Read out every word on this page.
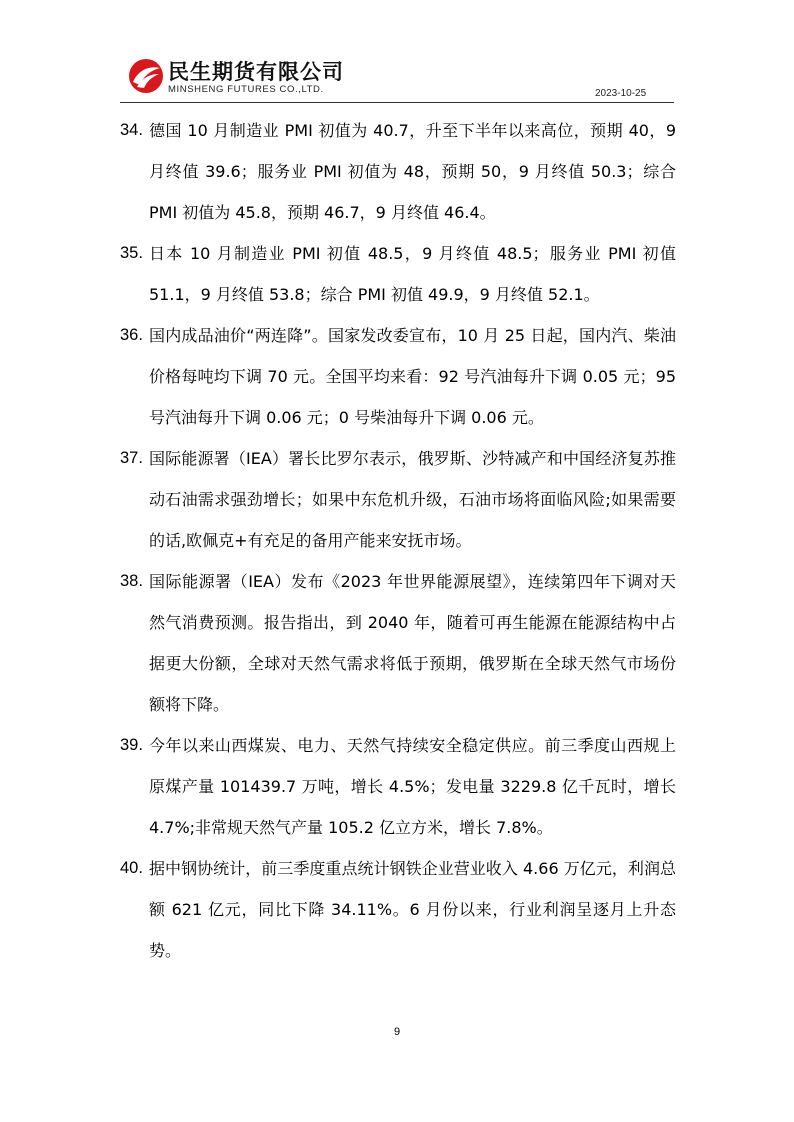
民生期货有限公司
MINSHENG FUTURES CO.,LTD.	2023-10-25
34. 德国 10 月制造业 PMI 初值为 40.7，升至下半年以来高位，预期 40，9 月终值 39.6；服务业 PMI 初值为 48，预期 50，9 月终值 50.3；综合 PMI 初值为 45.8，预期 46.7，9 月终值 46.4。
35. 日本 10 月制造业 PMI 初值 48.5，9 月终值 48.5；服务业 PMI 初值 51.1，9 月终值 53.8；综合 PMI 初值 49.9，9 月终值 52.1。
36. 国内成品油价“两连降”。国家发改委宣布，10 月 25 日起，国内汽、柴油价格每吨均下调 70 元。全国平均来看：92 号汽油每升下调 0.05 元；95 号汽油每升下调 0.06 元；0 号柴油每升下调 0.06 元。
37. 国际能源署（IEA）署长比罗尔表示，俄罗斯、沙特减产和中国经济复苏推动石油需求强劲增长；如果中东危机升级，石油市场将面临风险;如果需要的话,欧佩克+有充足的备用产能来安抚市场。
38. 国际能源署（IEA）发布《2023 年世界能源展望》，连续第四年下调对天然气消费预测。报告指出，到 2040 年，随着可再生能源在能源结构中占据更大份额，全球对天然气需求将低于预期，俄罗斯在全球天然气市场份额将下降。
39. 今年以来山西煤炭、电力、天然气持续安全稳定供应。前三季度山西规上原煤产量 101439.7 万吨，增长 4.5%；发电量 3229.8 亿千瓦时，增长 4.7%;非常规天然气产量 105.2 亿立方米，增长 7.8%。
40. 据中钢协统计，前三季度重点统计钢铁企业营业收入 4.66 万亿元，利润总额 621 亿元，同比下降 34.11%。6 月份以来，行业利润呈逐月上升态势。
9
